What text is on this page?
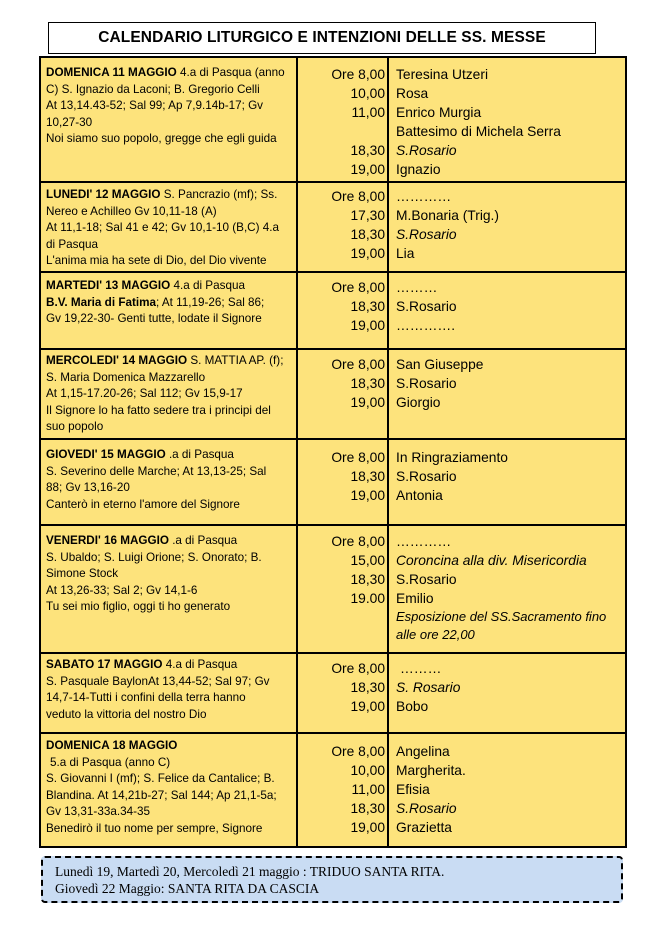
CALENDARIO LITURGICO E INTENZIONI DELLE SS. MESSE
DOMENICA 11 MAGGIO 4.a di Pasqua (anno
C) S. Ignazio da Laconi; B. Gregorio Celli
At 13,14.43-52; Sal 99; Ap 7,9.14b-17; Gv
10,27-30
Noi siamo suo popolo, gregge che egli guida
Ore 8,00
10,00
11,00
18,30
19,00
Teresina Utzeri
Rosa
Enrico Murgia
Battesimo di Michela Serra
S.Rosario
Ignazio
LUNEDI' 12 MAGGIO S. Pancrazio (mf); Ss.
Nereo e Achilleo Gv 10,11-18 (A)
At 11,1-18; Sal 41 e 42; Gv 10,1-10 (B,C) 4.a
di Pasqua
L'anima mia ha sete di Dio, del Dio vivente
Ore 8,00
17,30
18,30
19,00
…………
M.Bonaria (Trig.)
S.Rosario
Lia
MARTEDI' 13 MAGGIO 4.a di Pasqua
B.V. Maria di Fatima; At 11,19-26; Sal 86;
Gv 19,22-30- Genti tutte, lodate il Signore
Ore 8,00
18,30
19,00
………
S.Rosario
………….
MERCOLEDI' 14 MAGGIO S. MATTIA AP. (f);
S. Maria Domenica Mazzarello
At 1,15-17.20-26; Sal 112; Gv 15,9-17
Il Signore lo ha fatto sedere tra i principi del
suo popolo
Ore 8,00
18,30
19,00
San Giuseppe
S.Rosario
Giorgio
GIOVEDI' 15 MAGGIO .a di Pasqua
S. Severino delle Marche; At 13,13-25; Sal
88; Gv 13,16-20
Canterò in eterno l'amore del Signore
Ore 8,00
18,30
19,00
In Ringraziamento
S.Rosario
Antonia
VENERDI' 16 MAGGIO .a di Pasqua
S. Ubaldo; S. Luigi Orione; S. Onorato; B.
Simone Stock
At 13,26-33; Sal 2; Gv 14,1-6
Tu sei mio figlio, oggi ti ho generato
Ore 8,00
15,00
18,30
19.00
…………
Coroncina alla div. Misericordia
S.Rosario
Emilio
Esposizione del SS.Sacramento fino alle ore 22,00
SABATO 17 MAGGIO 4.a di Pasqua
S. Pasquale BaylonAt 13,44-52; Sal 97; Gv
14,7-14-Tutti i confini della terra hanno
veduto la vittoria del nostro Dio
Ore 8,00
18,30
19,00
………
S. Rosario
Bobo
DOMENICA 18 MAGGIO
5.a di Pasqua (anno C)
S. Giovanni I (mf); S. Felice da Cantalice; B.
Blandina. At 14,21b-27; Sal 144; Ap 21,1-5a;
Gv 13,31-33a.34-35
Benedirò il tuo nome per sempre, Signore
Ore 8,00
10,00
11,00
18,30
19,00
Angelina
Margherita.
Efisia
S.Rosario
Grazietta
Lunedì 19, Martedì 20, Mercoledì 21 maggio : TRIDUO SANTA RITA.
Giovedì 22 Maggio: SANTA RITA DA CASCIA
